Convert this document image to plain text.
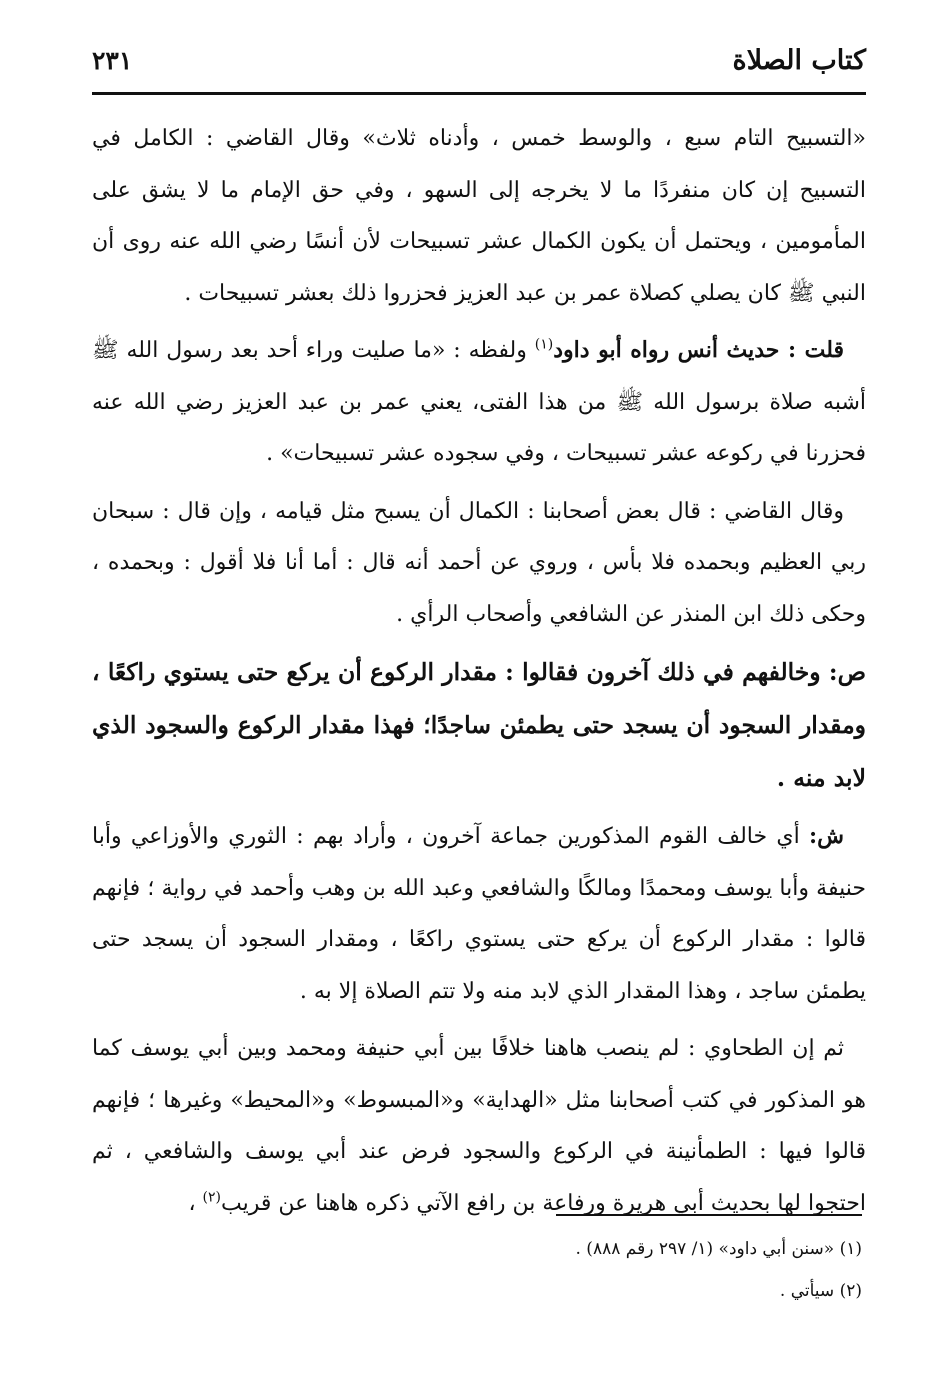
كتاب الصلاة
٢٣١

«التسبيح التام سبع ، والوسط خمس ، وأدناه ثلاث» وقال القاضي : الكامل في التسبيح إن كان منفردًا ما لا يخرجه إلى السهو ، وفي حق الإمام ما لا يشق على المأمومين ، ويحتمل أن يكون الكمال عشر تسبيحات لأن أنسًا رضي الله عنه روى أن النبي ﷺ كان يصلي كصلاة عمر بن عبد العزيز فحزروا ذلك بعشر تسبيحات .

قلت : حديث أنس رواه أبو داود$^{(١)}$ ولفظه : «ما صليت وراء أحد بعد رسول الله ﷺ أشبه صلاة برسول الله ﷺ من هذا الفتى، يعني عمر بن عبد العزيز رضي الله عنه فحزرنا في ركوعه عشر تسبيحات ، وفي سجوده عشر تسبيحات» .

وقال القاضي : قال بعض أصحابنا : الكمال أن يسبح مثل قيامه ، وإن قال : سبحان ربي العظيم وبحمده فلا بأس ، وروي عن أحمد أنه قال : أما أنا فلا أقول : وبحمده ، وحكى ذلك ابن المنذر عن الشافعي وأصحاب الرأي .

ص: وخالفهم في ذلك آخرون فقالوا : مقدار الركوع أن يركع حتى يستوي راكعًا ، ومقدار السجود أن يسجد حتى يطمئن ساجدًا؛ فهذا مقدار الركوع والسجود الذي لابد منه .

ش: أي خالف القوم المذكورين جماعة آخرون ، وأراد بهم : الثوري والأوزاعي وأبا حنيفة وأبا يوسف ومحمدًا ومالكًا والشافعي وعبد الله بن وهب وأحمد في رواية ؛ فإنهم قالوا : مقدار الركوع أن يركع حتى يستوي راكعًا ، ومقدار السجود أن يسجد حتى يطمئن ساجد ، وهذا المقدار الذي لابد منه ولا تتم الصلاة إلا به .

ثم إن الطحاوي : لم ينصب هاهنا خلافًا بين أبي حنيفة ومحمد وبين أبي يوسف كما هو المذكور في كتب أصحابنا مثل «الهداية» و«المبسوط» و«المحيط» وغيرها ؛ فإنهم قالوا فيها : الطمأنينة في الركوع والسجود فرض عند أبي يوسف والشافعي ، ثم احتجوا لها بحديث أبي هريرة ورفاعة بن رافع الآتي ذكره هاهنا عن قريب$^{(٢)}$ ،

(١) «سنن أبي داود» (١/ ٢٩٧ رقم ٨٨٨) .
(٢) سيأتي .
